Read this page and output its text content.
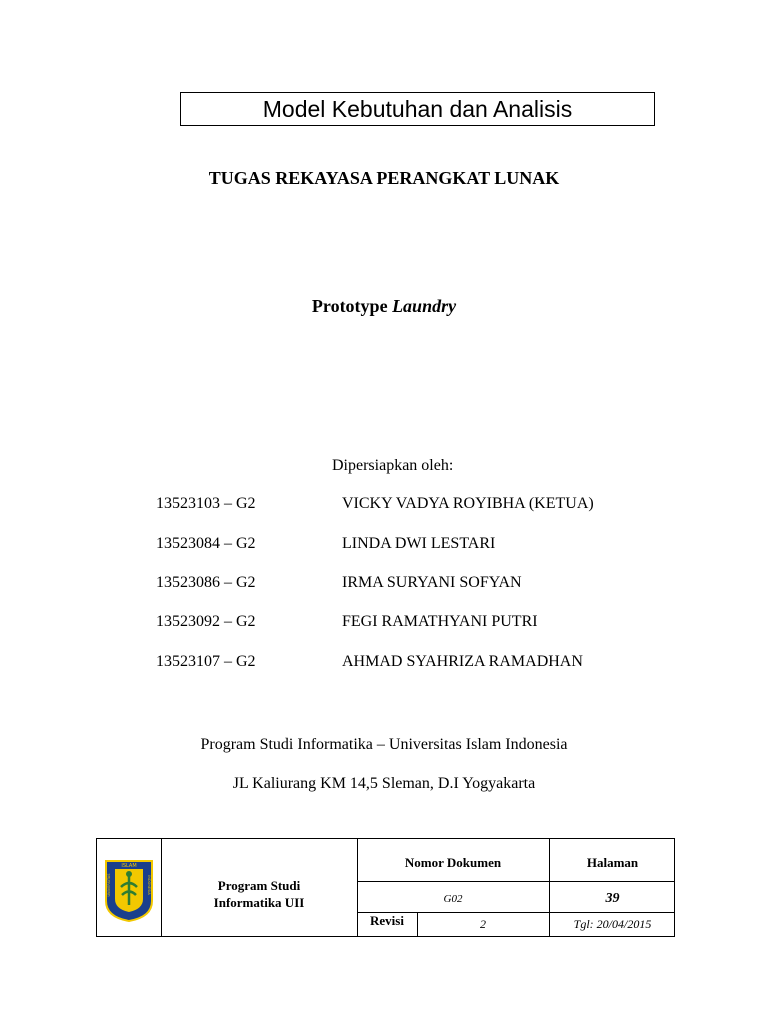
Model Kebutuhan dan Analisis
TUGAS REKAYASA PERANGKAT LUNAK
Prototype Laundry
Dipersiapkan oleh:
13523103 – G2	VICKY VADYA ROYIBHA (KETUA)
13523084 – G2	LINDA DWI LESTARI
13523086 – G2	IRMA SURYANI SOFYAN
13523092 – G2	FEGI RAMATHYANI PUTRI
13523107 – G2	AHMAD SYAHRIZA RAMADHAN
Program Studi Informatika – Universitas Islam Indonesia
JL Kaliurang KM 14,5 Sleman, D.I Yogyakarta
ISLAM
UNIVERSITAS	INDONESIA	Program Studi
Informatika UII
Nomor Dokumen	Halaman
G02	39
Revisi	2	Tgl: 20/04/2015
